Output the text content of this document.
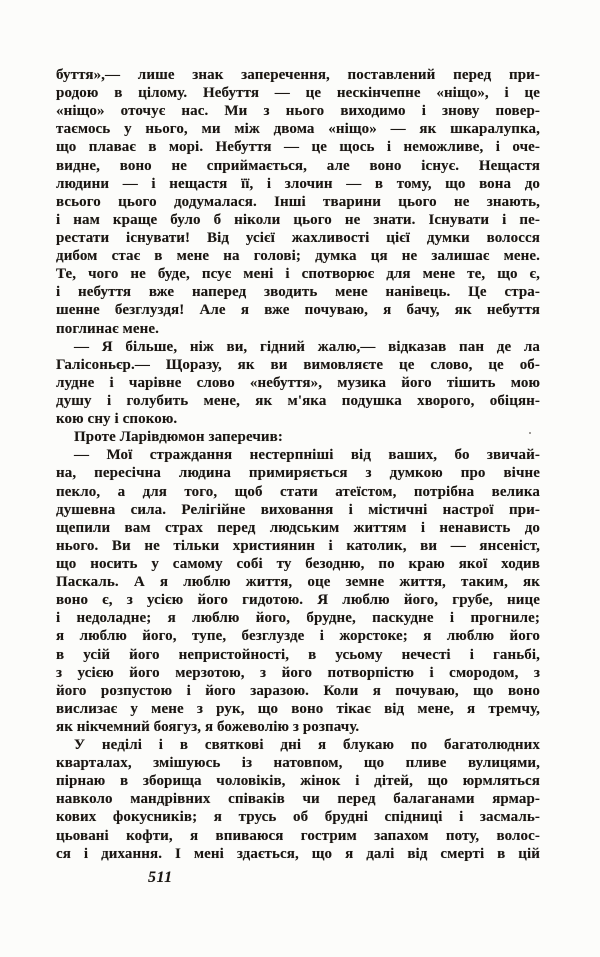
буття»,— лише знак заперечення, поставлений перед при-
родою в цілому. Небуття — це нескінчепне «ніщо», і це
«ніщо» оточує нас. Ми з нього виходимо і знову повер-
таємось у нього, ми між двома «ніщо» — як шкаралупка,
що плаває в морі. Небуття — це щось і неможливе, і оче-
видне, воно не сприймається, але воно існує. Нещастя
людини — і нещастя її, і злочин — в тому, що вона до
всього цього додумалася. Інші тварини цього не знають,
і нам краще було б ніколи цього не знати. Існувати і пе-
рестати існувати! Від усієї жахливості цієї думки волосся
дибом стає в мене на голові; думка ця не залишає мене.
Те, чого не буде, псує мені і спотворює для мене те, що є,
і небуття вже наперед зводить мене нанівець. Це стра-
шенне безглуздя! Але я вже почуваю, я бачу, як небуття
поглинає мене.
— Я більше, ніж ви, гідний жалю,— відказав пан де ла
Галісоньєр.— Щоразу, як ви вимовляєте це слово, це об-
лудне і чарівне слово «небуття», музика його тішить мою
душу і голубить мене, як м'яка подушка хворого, обіцян-
кою сну і спокою.
Проте Ларівдюмон заперечив:
— Мої страждання нестерпніші від ваших, бо звичай-
на, пересічна людина примиряється з думкою про вічне
пекло, а для того, щоб стати атеїстом, потрібна велика
душевна сила. Релігійне виховання і містичні настрої при-
щепили вам страх перед людським життям і ненависть до
нього. Ви не тільки християнин і католик, ви — янсеніст,
що носить у самому собі ту безодню, по краю якої ходив
Паскаль. А я люблю життя, оце земне життя, таким, як
воно є, з усією його гидотою. Я люблю його, грубе, нице
і недоладне; я люблю його, брудне, паскудне і прогниле;
я люблю його, тупе, безглузде і жорстоке; я люблю його
в усій його непристойності, в усьому нечесті і ганьбі,
з усією його мерзотою, з його потворпістю і смородом, з
його розпустою і його заразою. Коли я почуваю, що воно
вислизає у мене з рук, що воно тікає від мене, я тремчу,
як нікчемний боягуз, я божеволію з розпачу.
У неділі і в святкові дні я блукаю по багатолюдних
кварталах, змішуюсь із натовпом, що пливе вулицями,
пірнаю в зборища чоловіків, жінок і дітей, що юрмляться
навколо мандрівних співаків чи перед балаганами ярмар-
кових фокусників; я трусь об брудні спідниці і засмаль-
цьовані кофти, я впиваюся гострим запахом поту, волос-
ся і дихання. І мені здається, що я далі від смерті в цій
511
